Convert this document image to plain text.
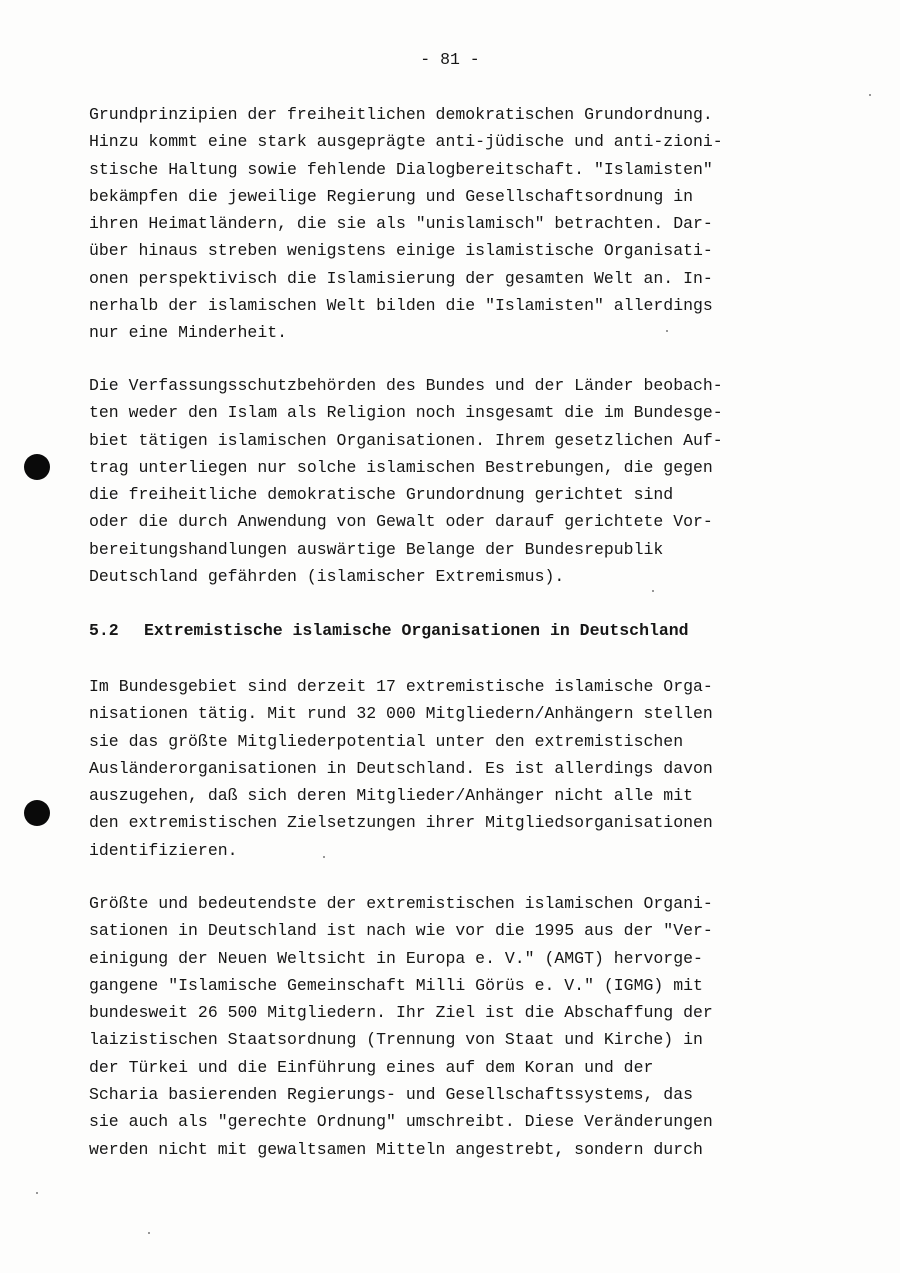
- 81 -

Grundprinzipien der freiheitlichen demokratischen Grundordnung.
Hinzu kommt eine stark ausgeprägte anti-jüdische und anti-zioni-
stische Haltung sowie fehlende Dialogbereitschaft. "Islamisten"
bekämpfen die jeweilige Regierung und Gesellschaftsordnung in
ihren Heimatländern, die sie als "unislamisch" betrachten. Dar-
über hinaus streben wenigstens einige islamistische Organisati-
onen perspektivisch die Islamisierung der gesamten Welt an. In-
nerhalb der islamischen Welt bilden die "Islamisten" allerdings
nur eine Minderheit.

Die Verfassungsschutzbehörden des Bundes und der Länder beobach-
ten weder den Islam als Religion noch insgesamt die im Bundesge-
biet tätigen islamischen Organisationen. Ihrem gesetzlichen Auf-
trag unterliegen nur solche islamischen Bestrebungen, die gegen
die freiheitliche demokratische Grundordnung gerichtet sind
oder die durch Anwendung von Gewalt oder darauf gerichtete Vor-
bereitungshandlungen auswärtige Belange der Bundesrepublik
Deutschland gefährden (islamischer Extremismus).

5.2 Extremistische islamische Organisationen in Deutschland

Im Bundesgebiet sind derzeit 17 extremistische islamische Orga-
nisationen tätig. Mit rund 32 000 Mitgliedern/Anhängern stellen
sie das größte Mitgliederpotential unter den extremistischen
Ausländerorganisationen in Deutschland. Es ist allerdings davon
auszugehen, daß sich deren Mitglieder/Anhänger nicht alle mit
den extremistischen Zielsetzungen ihrer Mitgliedsorganisationen
identifizieren.

Größte und bedeutendste der extremistischen islamischen Organi-
sationen in Deutschland ist nach wie vor die 1995 aus der "Ver-
einigung der Neuen Weltsicht in Europa e. V." (AMGT) hervorge-
gangene "Islamische Gemeinschaft Milli Görüs e. V." (IGMG) mit
bundesweit 26 500 Mitgliedern. Ihr Ziel ist die Abschaffung der
laizistischen Staatsordnung (Trennung von Staat und Kirche) in
der Türkei und die Einführung eines auf dem Koran und der
Scharia basierenden Regierungs- und Gesellschaftssystems, das
sie auch als "gerechte Ordnung" umschreibt. Diese Veränderungen
werden nicht mit gewaltsamen Mitteln angestrebt, sondern durch
